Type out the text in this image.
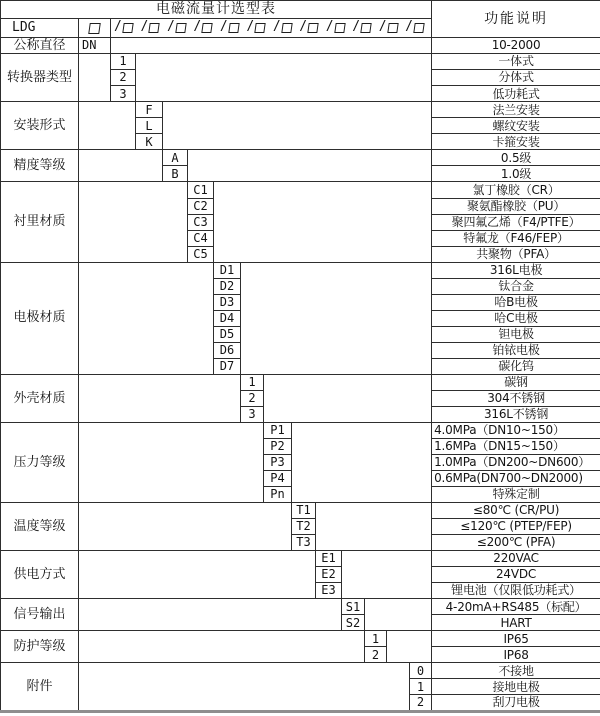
电磁流量计选型表															功能说明
LDG		/ / / / / / / / / / / /

公称直径	DN														10-2000
转换器类型		1													一体式
		2													分体式
		3													低功耗式
安装形式			F												法兰安装
			L												螺纹安装
			K												卡箍安装
精度等级				A											0.5级
				B											1.0级
衬里材质					C1										氯丁橡胶（CR）
					C2										聚氨酯橡胶（PU）
					C3										聚四氟乙烯（F4/PTFE）
					C4										特氟龙（F46/FEP）
					C5										共聚物（PFA）
电极材质						D1									316L电极
						D2									钛合金
						D3									哈B电极
						D4									哈C电极
						D5									钽电极
						D6									铂铱电极
						D7									碳化钨
外壳材质							1								碳钢
							2								304不锈钢
							3								316L不锈钢
压力等级								P1							4.0MPa（DN10~150）
								P2							1.6MPa（DN15~150）
								P3							1.0MPa（DN200~DN600）
								P4							0.6MPa(DN700~DN2000)
								Pn							特殊定制
温度等级									T1						≤80℃ (CR/PU)
									T2						≤120℃ (PTEP/FEP)
									T3						≤200℃ (PFA)
供电方式										E1					220VAC
										E2					24VDC
										E3					锂电池（仅限低功耗式）
信号输出											S1				4-20mA+RS485（标配）
											S2				HART
防护等级												1			IP65
												2			IP68
附件														0	不接地
														1	接地电极
														2	刮刀电极
